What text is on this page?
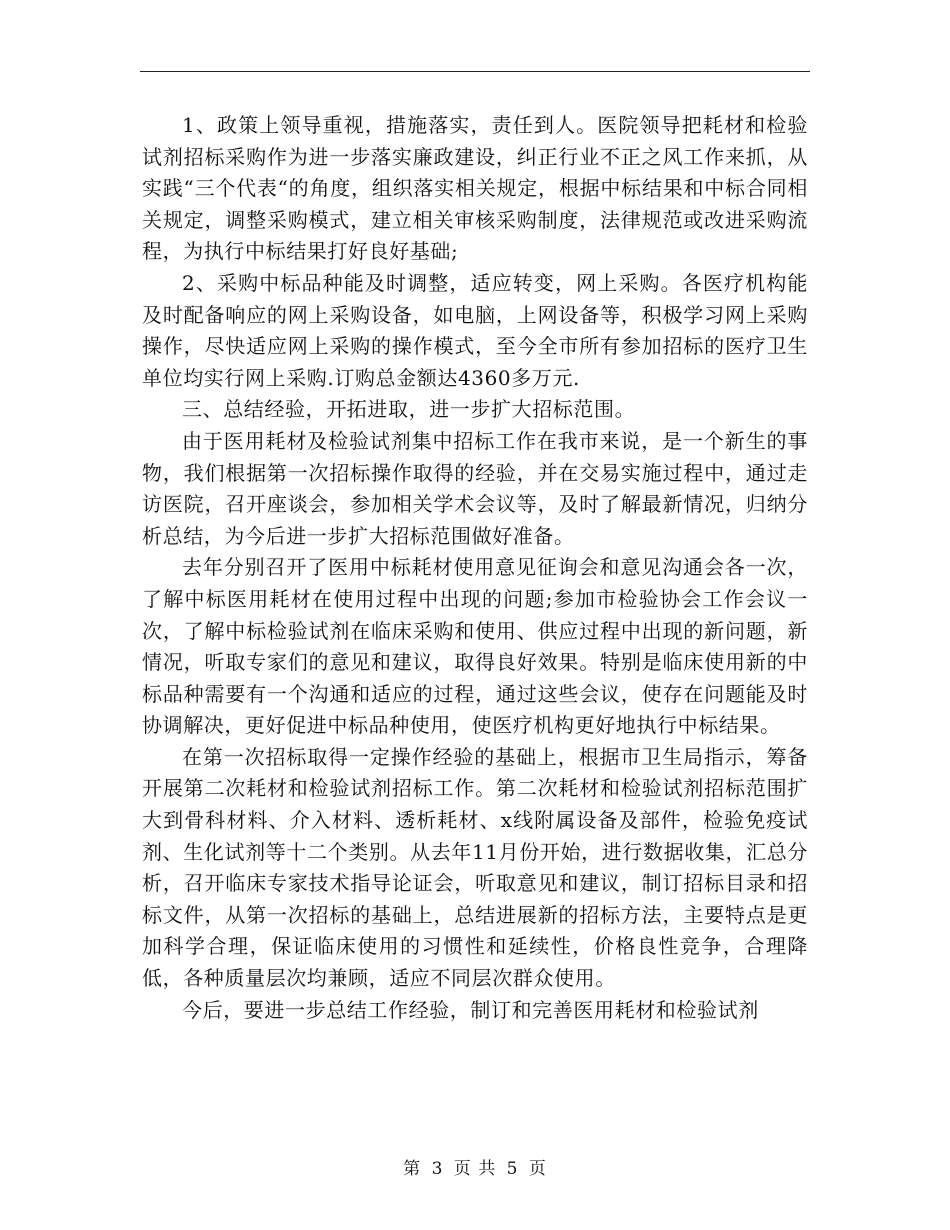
1、政策上领导重视，措施落实，责任到人。医院领导把耗材和检验试剂招标采购作为进一步落实廉政建设，纠正行业不正之风工作来抓，从实践“三个代表“的角度，组织落实相关规定，根据中标结果和中标合同相关规定，调整采购模式，建立相关审核采购制度，法律规范或改进采购流程，为执行中标结果打好良好基础;

2、采购中标品种能及时调整，适应转变，网上采购。各医疗机构能及时配备响应的网上采购设备，如电脑，上网设备等，积极学习网上采购操作，尽快适应网上采购的操作模式，至今全市所有参加招标的医疗卫生单位均实行网上采购.订购总金额达4360多万元.

三、总结经验，开拓进取，进一步扩大招标范围。

由于医用耗材及检验试剂集中招标工作在我市来说，是一个新生的事物，我们根据第一次招标操作取得的经验，并在交易实施过程中，通过走访医院，召开座谈会，参加相关学术会议等，及时了解最新情况，归纳分析总结，为今后进一步扩大招标范围做好准备。

去年分别召开了医用中标耗材使用意见征询会和意见沟通会各一次，了解中标医用耗材在使用过程中出现的问题;参加市检验协会工作会议一次，了解中标检验试剂在临床采购和使用、供应过程中出现的新问题，新情况，听取专家们的意见和建议，取得良好效果。特别是临床使用新的中标品种需要有一个沟通和适应的过程，通过这些会议，使存在问题能及时协调解决，更好促进中标品种使用，使医疗机构更好地执行中标结果。

在第一次招标取得一定操作经验的基础上，根据市卫生局指示，筹备开展第二次耗材和检验试剂招标工作。第二次耗材和检验试剂招标范围扩大到骨科材料、介入材料、透析耗材、x线附属设备及部件，检验免疫试剂、生化试剂等十二个类别。从去年11月份开始，进行数据收集，汇总分析，召开临床专家技术指导论证会，听取意见和建议，制订招标目录和招标文件，从第一次招标的基础上，总结进展新的招标方法，主要特点是更加科学合理，保证临床使用的习惯性和延续性，价格良性竞争，合理降低，各种质量层次均兼顾，适应不同层次群众使用。

今后，要进一步总结工作经验，制订和完善医用耗材和检验试剂

第 3 页 共 5 页
